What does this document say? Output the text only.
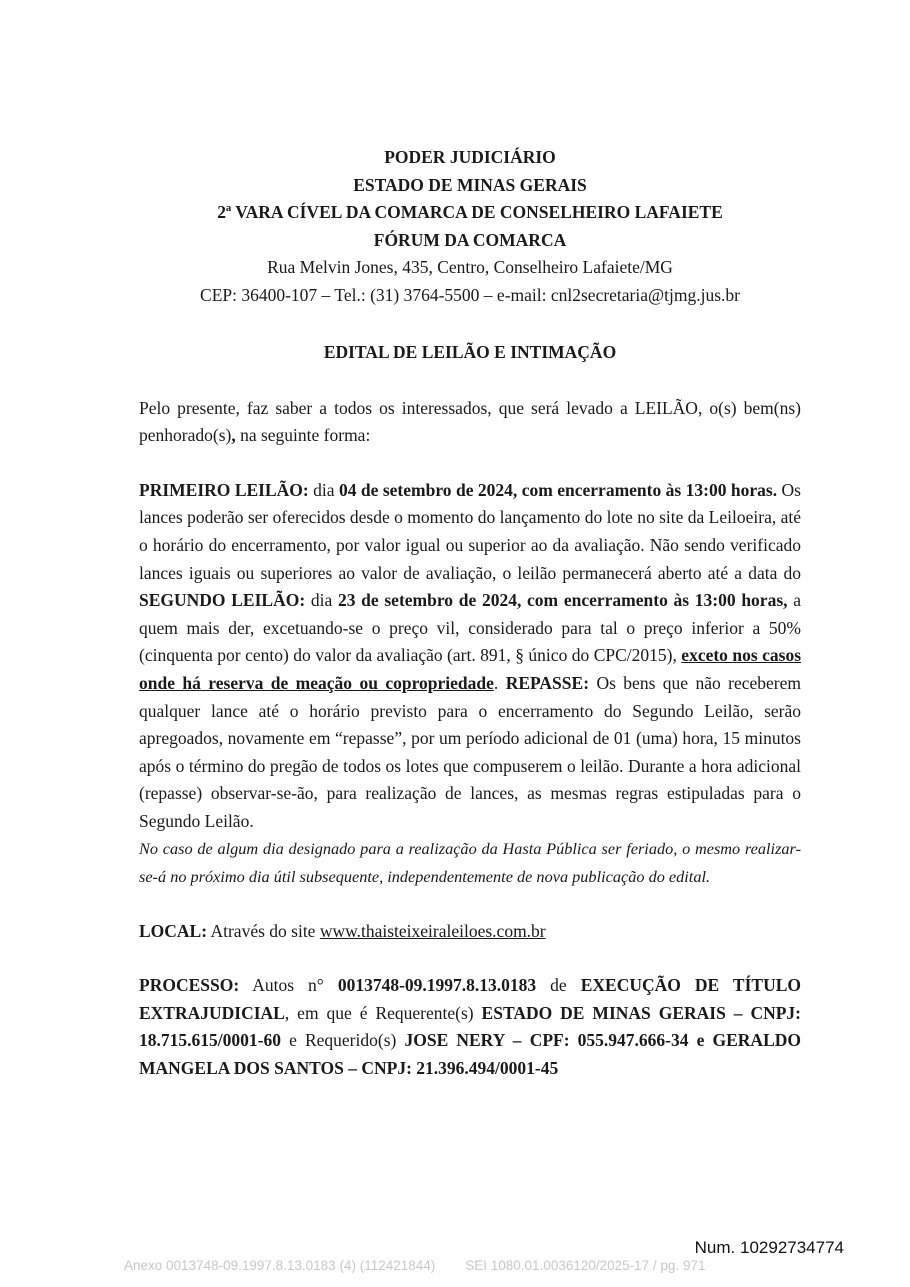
PODER JUDICIÁRIO
ESTADO DE MINAS GERAIS
2ª VARA CÍVEL DA COMARCA DE CONSELHEIRO LAFAIETE
FÓRUM DA COMARCA
Rua Melvin Jones, 435, Centro, Conselheiro Lafaiete/MG
CEP: 36400-107 – Tel.: (31) 3764-5500 – e-mail: cnl2secretaria@tjmg.jus.br
EDITAL DE LEILÃO E INTIMAÇÃO

Pelo presente, faz saber a todos os interessados, que será levado a LEILÃO, o(s) bem(ns) penhorado(s), na seguinte forma:

PRIMEIRO LEILÃO: dia 04 de setembro de 2024, com encerramento às 13:00 horas. Os lances poderão ser oferecidos desde o momento do lançamento do lote no site da Leiloeira, até o horário do encerramento, por valor igual ou superior ao da avaliação. Não sendo verificado lances iguais ou superiores ao valor de avaliação, o leilão permanecerá aberto até a data do SEGUNDO LEILÃO: dia 23 de setembro de 2024, com encerramento às 13:00 horas, a quem mais der, excetuando-se o preço vil, considerado para tal o preço inferior a 50% (cinquenta por cento) do valor da avaliação (art. 891, § único do CPC/2015), exceto nos casos onde há reserva de meação ou copropriedade. REPASSE: Os bens que não receberem qualquer lance até o horário previsto para o encerramento do Segundo Leilão, serão apregoados, novamente em “repasse”, por um período adicional de 01 (uma) hora, 15 minutos após o término do pregão de todos os lotes que compuserem o leilão. Durante a hora adicional (repasse) observar-se-ão, para realização de lances, as mesmas regras estipuladas para o Segundo Leilão.

No caso de algum dia designado para a realização da Hasta Pública ser feriado, o mesmo realizar-se-á no próximo dia útil subsequente, independentemente de nova publicação do edital.

LOCAL: Através do site www.thaisteixeiraleiloes.com.br

PROCESSO: Autos n° 0013748-09.1997.8.13.0183 de EXECUÇÃO DE TÍTULO EXTRAJUDICIAL, em que é Requerente(s) ESTADO DE MINAS GERAIS – CNPJ: 18.715.615/0001-60 e Requerido(s) JOSE NERY – CPF: 055.947.666-34 e GERALDO MANGELA DOS SANTOS – CNPJ: 21.396.494/0001-45

Num. 10292734774
Anexo 0013748-09.1997.8.13.0183 (4) (112421844)        SEI 1080.01.0036120/2025-17 / pg. 971
